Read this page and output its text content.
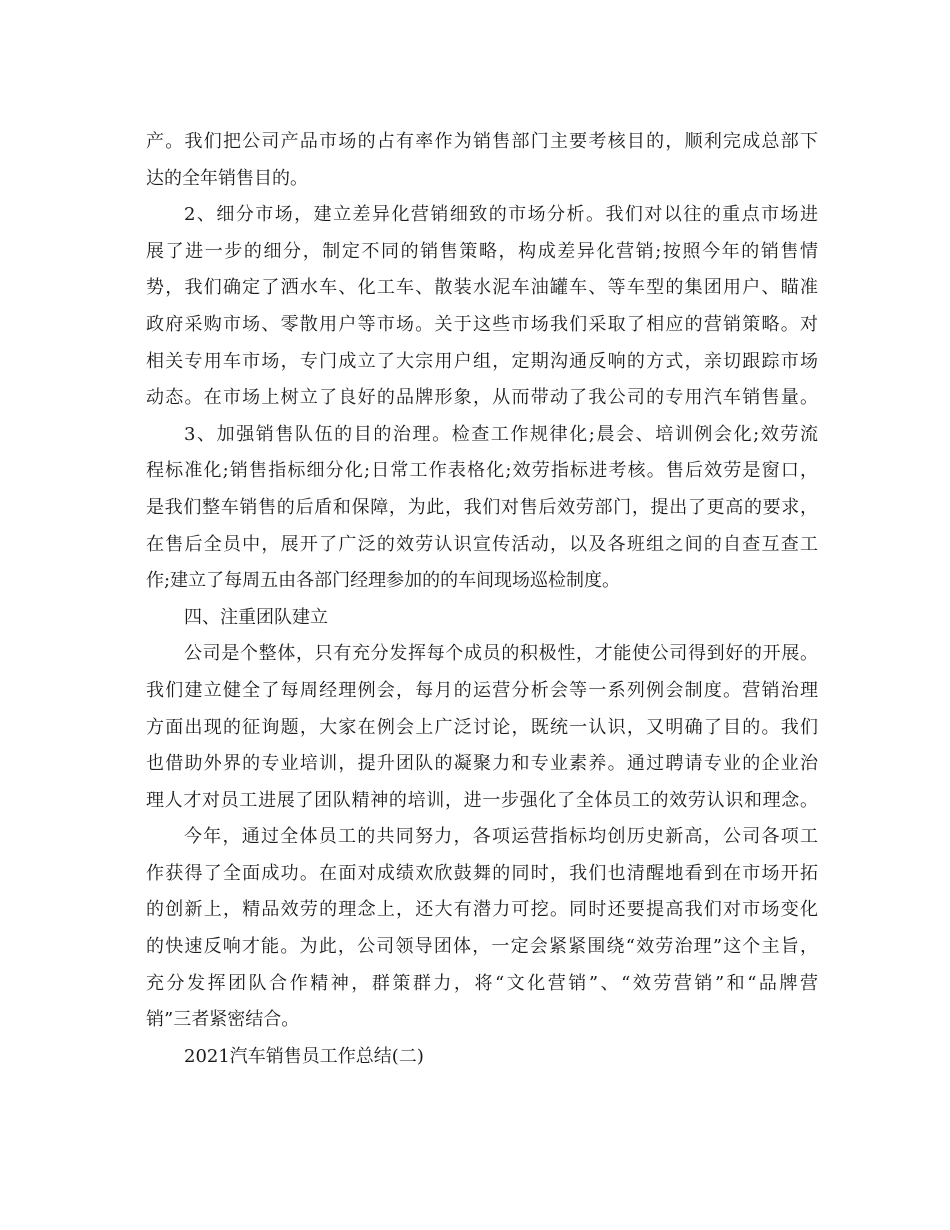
产。我们把公司产品市场的占有率作为销售部门主要考核目的，顺利完成总部下
达的全年销售目的。
2、细分市场，建立差异化营销细致的市场分析。我们对以往的重点市场进
展了进一步的细分，制定不同的销售策略，构成差异化营销;按照今年的销售情
势，我们确定了洒水车、化工车、散装水泥车油罐车、等车型的集团用户、瞄准
政府采购市场、零散用户等市场。关于这些市场我们采取了相应的营销策略。对
相关专用车市场，专门成立了大宗用户组，定期沟通反响的方式，亲切跟踪市场
动态。在市场上树立了良好的品牌形象，从而带动了我公司的专用汽车销售量。
3、加强销售队伍的目的治理。检查工作规律化;晨会、培训例会化;效劳流
程标准化;销售指标细分化;日常工作表格化;效劳指标进考核。售后效劳是窗口，
是我们整车销售的后盾和保障，为此，我们对售后效劳部门，提出了更高的要求，
在售后全员中，展开了广泛的效劳认识宣传活动，以及各班组之间的自查互查工
作;建立了每周五由各部门经理参加的的车间现场巡检制度。
四、注重团队建立
公司是个整体，只有充分发挥每个成员的积极性，才能使公司得到好的开展。
我们建立健全了每周经理例会，每月的运营分析会等一系列例会制度。营销治理
方面出现的征询题，大家在例会上广泛讨论，既统一认识，又明确了目的。我们
也借助外界的专业培训，提升团队的凝聚力和专业素养。通过聘请专业的企业治
理人才对员工进展了团队精神的培训，进一步强化了全体员工的效劳认识和理念。
今年，通过全体员工的共同努力，各项运营指标均创历史新高，公司各项工
作获得了全面成功。在面对成绩欢欣鼓舞的同时，我们也清醒地看到在市场开拓
的创新上，精品效劳的理念上，还大有潜力可挖。同时还要提高我们对市场变化
的快速反响才能。为此，公司领导团体，一定会紧紧围绕“效劳治理”这个主旨，
充分发挥团队合作精神，群策群力，将“文化营销”、“效劳营销”和“品牌营
销”三者紧密结合。
2021汽车销售员工作总结(二)
